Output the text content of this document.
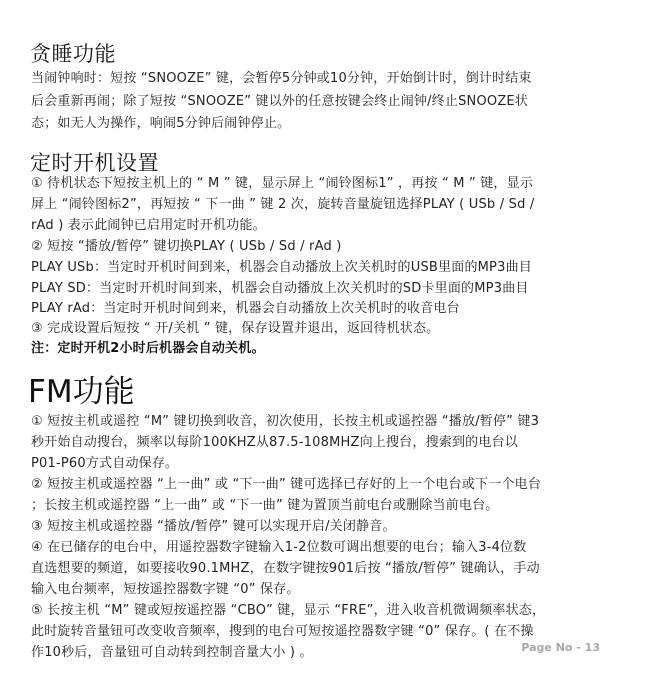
贪睡功能
当闹钟响时：短按 “SNOOZE” 键，会暂停5分钟或10分钟，开始倒计时，倒计时结束
后会重新再闹；除了短按 “SNOOZE” 键以外的任意按键会终止闹钟/终止SNOOZE状
态；如无人为操作，响闹5分钟后闹钟停止。
定时开机设置
① 待机状态下短按主机上的 “ M ” 键，显示屏上 “闹铃图标1” ，再按 “ M ” 键，显示
屏上 “闹铃图标2”，再短按 “ 下一曲 ” 键 2 次，旋转音量旋钮选择PLAY ( USb / Sd /
rAd ) 表示此闹钟已启用定时开机功能。
② 短按 “播放/暂停” 键切换PLAY ( USb / Sd / rAd )
PLAY USb：当定时开机时间到来，机器会自动播放上次关机时的USB里面的MP3曲目
PLAY SD：当定时开机时间到来，机器会自动播放上次关机时的SD卡里面的MP3曲目
PLAY rAd：当定时开机时间到来，机器会自动播放上次关机时的收音电台
③ 完成设置后短按 “ 开/关机 ” 键，保存设置并退出，返回待机状态。
注：定时开机2小时后机器会自动关机。
FM功能
① 短按主机或遥控 “M” 键切换到收音，初次使用，长按主机或遥控器 “播放/暂停” 键3
秒开始自动搜台，频率以每阶100KHZ从87.5-108MHZ向上搜台，搜索到的电台以
P01-P60方式自动保存。
② 短按主机或遥控器 “上一曲” 或 “下一曲” 键可选择已存好的上一个电台或下一个电台
；长按主机或遥控器 “上一曲” 或 “下一曲” 键为置顶当前电台或删除当前电台。
③ 短按主机或遥控器 “播放/暂停” 键可以实现开启/关闭静音。
④ 在已储存的电台中，用遥控器数字键输入1-2位数可调出想要的电台；输入3-4位数
直选想要的频道，如要接收90.1MHZ，在数字键按901后按 “播放/暂停” 键确认，手动
输入电台频率，短按遥控器数字键 “0” 保存。
⑤ 长按主机 “M” 键或短按遥控器 “CBO” 键，显示 “FRE”，进入收音机微调频率状态，
此时旋转音量钮可改变收音频率，搜到的电台可短按遥控器数字键 “0” 保存。( 在不操
作10秒后，音量钮可自动转到控制音量大小 ) 。	Page No - 13
